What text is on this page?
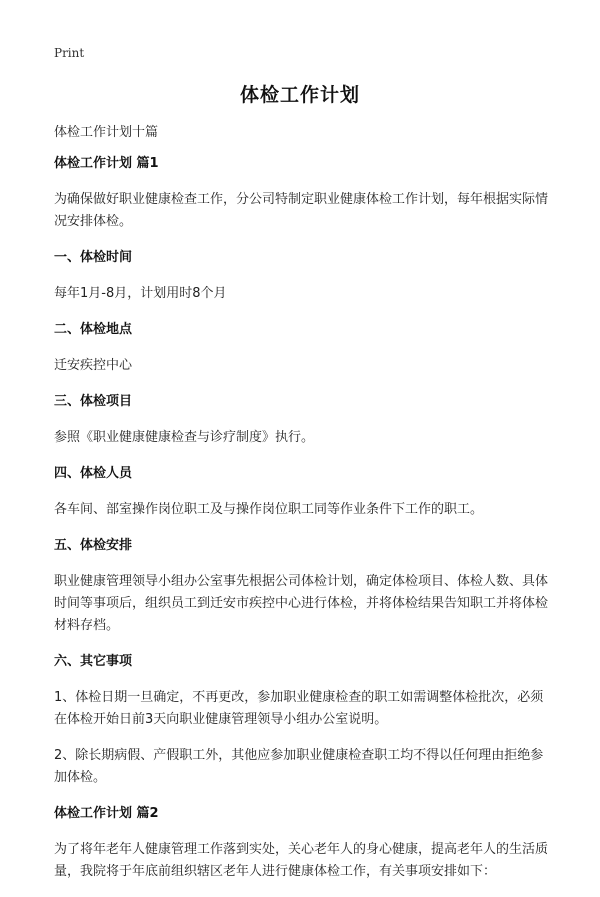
Print
体检工作计划

体检工作计划十篇

体检工作计划 篇1

为确保做好职业健康检查工作，分公司特制定职业健康体检工作计划，每年根据实际情况安排体检。

一、体检时间

每年1月-8月，计划用时8个月

二、体检地点

迁安疾控中心

三、体检项目

参照《职业健康健康检查与诊疗制度》执行。

四、体检人员

各车间、部室操作岗位职工及与操作岗位职工同等作业条件下工作的职工。

五、体检安排

职业健康管理领导小组办公室事先根据公司体检计划，确定体检项目、体检人数、具体时间等事项后，组织员工到迁安市疾控中心进行体检，并将体检结果告知职工并将体检材料存档。

六、其它事项

1、体检日期一旦确定，不再更改，参加职业健康检查的职工如需调整体检批次，必须在体检开始日前3天向职业健康管理领导小组办公室说明。

2、除长期病假、产假职工外，其他应参加职业健康检查职工均不得以任何理由拒绝参加体检。

体检工作计划 篇2

为了将年老年人健康管理工作落到实处，关心老年人的身心健康，提高老年人的生活质量，我院将于年底前组织辖区老年人进行健康体检工作，有关事项安排如下：
